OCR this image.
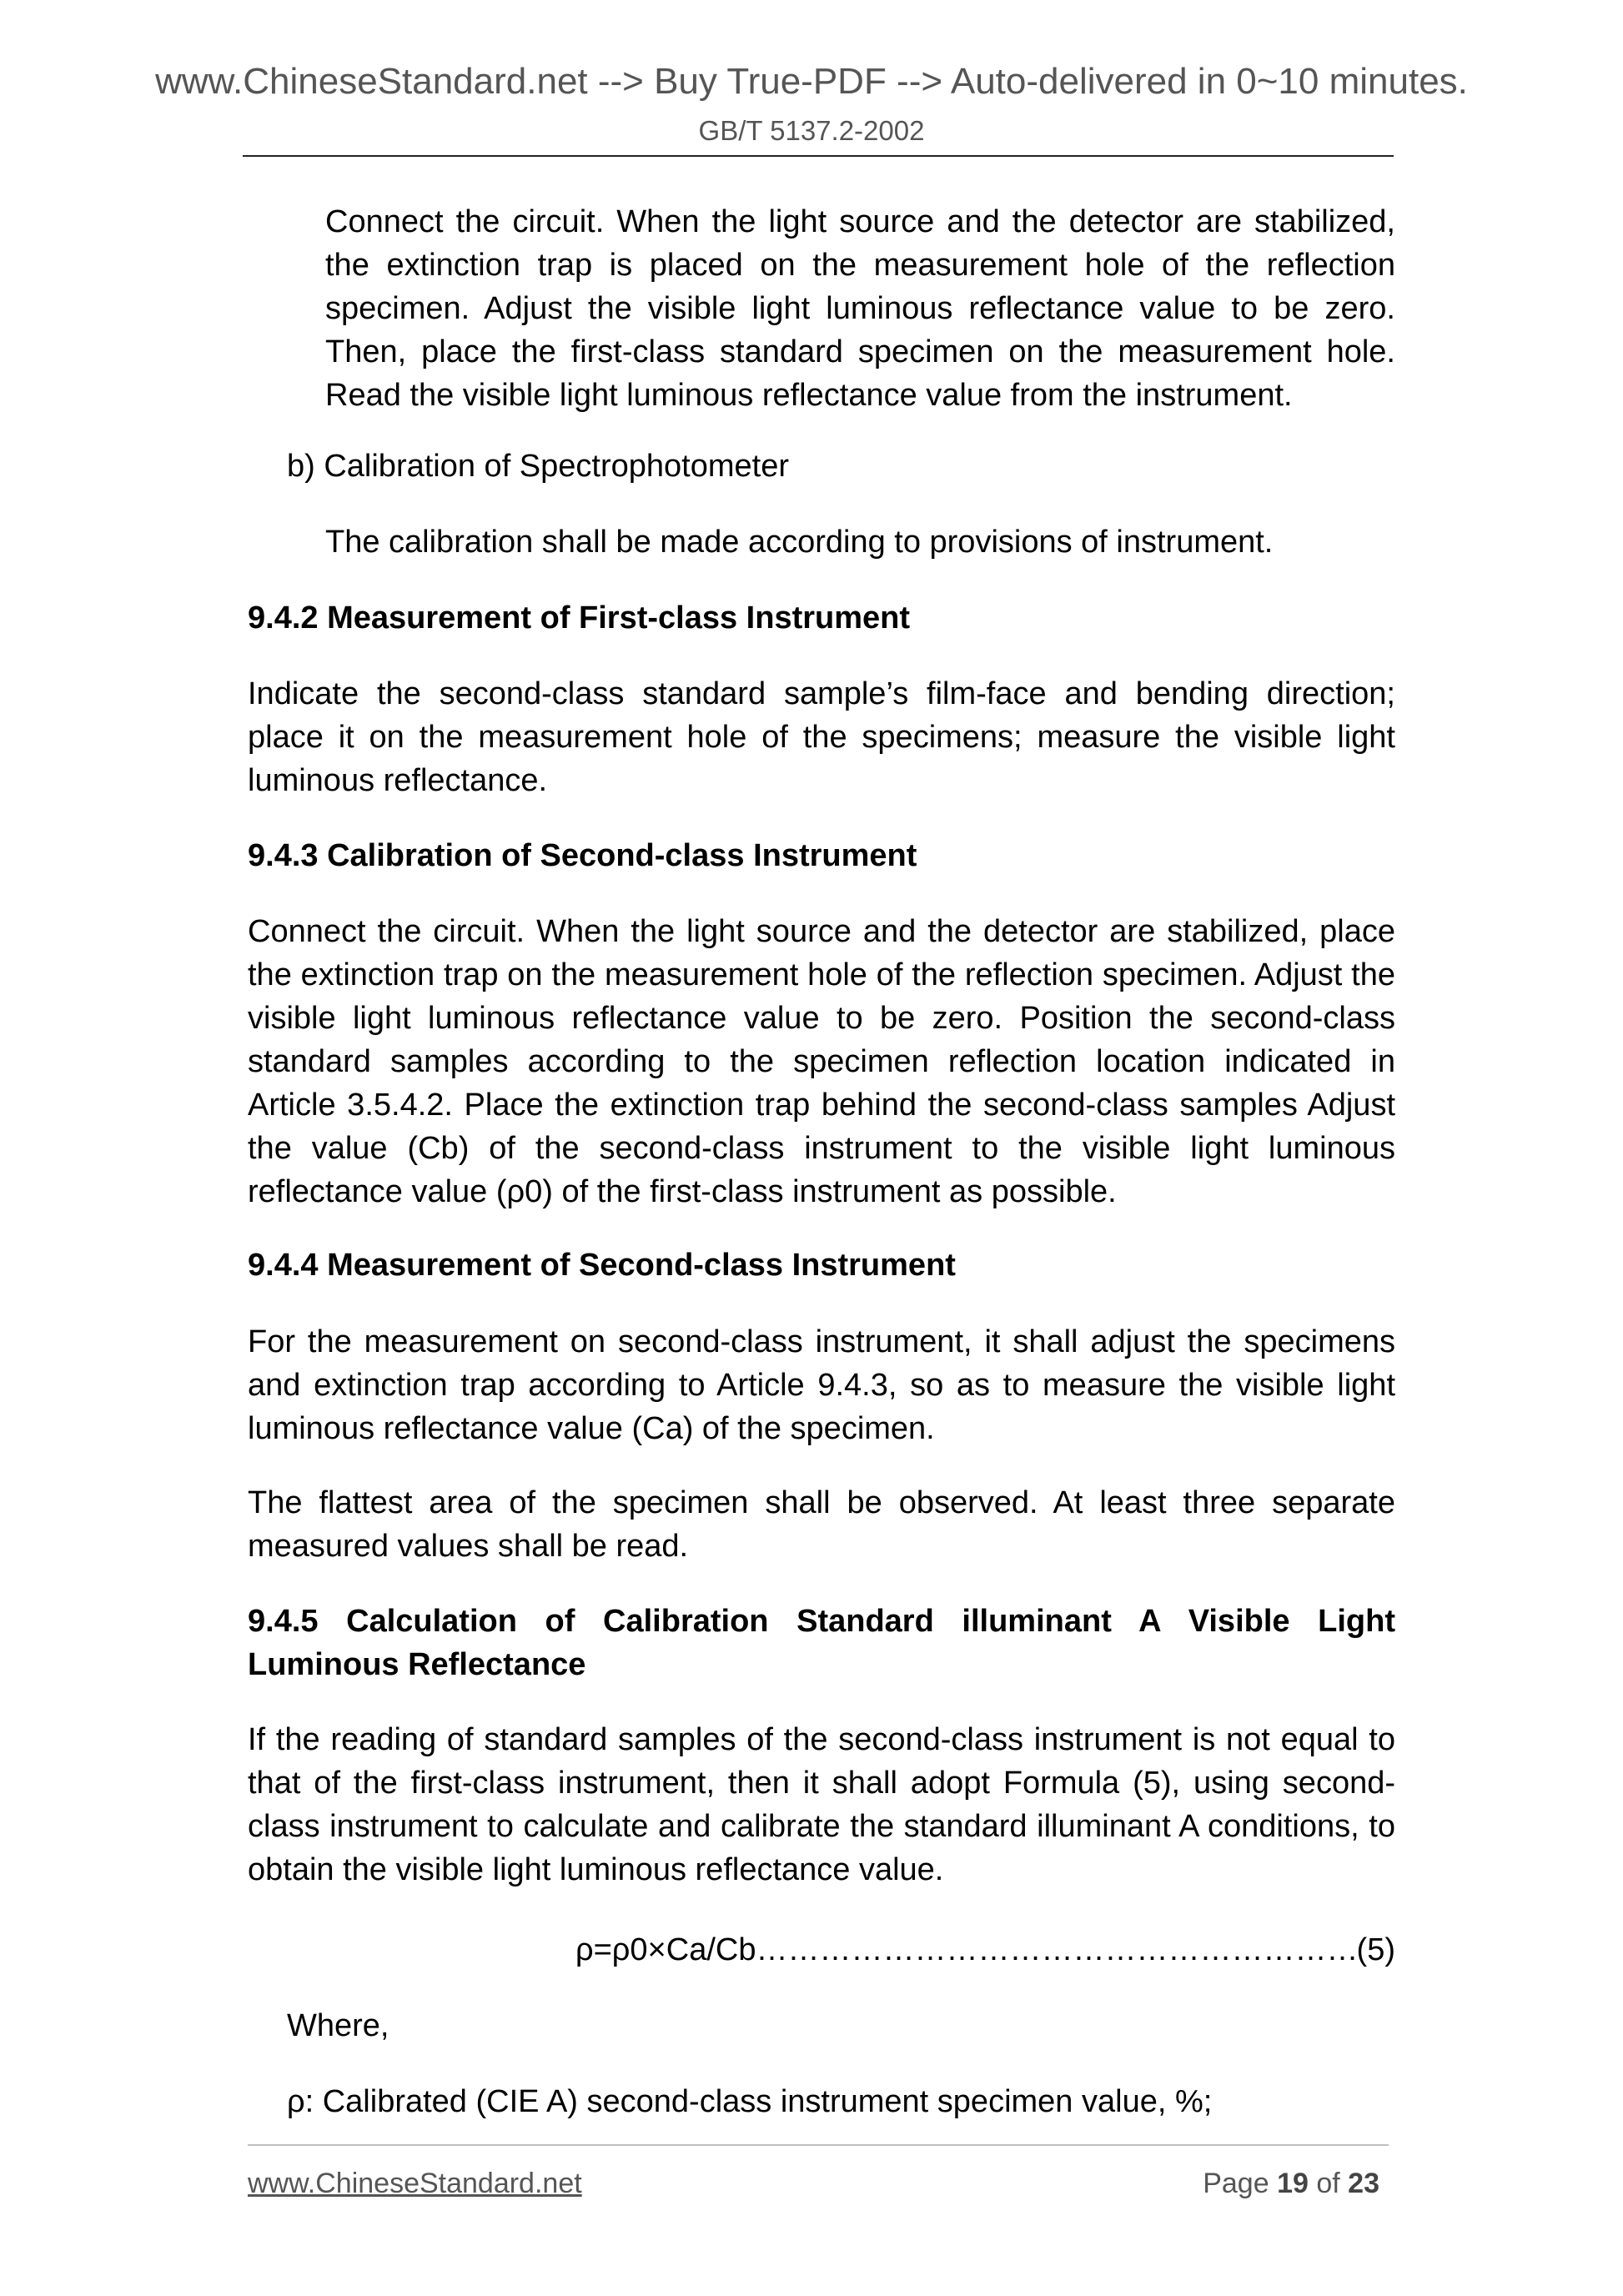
www.ChineseStandard.net --> Buy True-PDF --> Auto-delivered in 0~10 minutes.
GB/T 5137.2-2002
Connect the circuit. When the light source and the detector are stabilized, the extinction trap is placed on the measurement hole of the reflection specimen. Adjust the visible light luminous reflectance value to be zero. Then, place the first-class standard specimen on the measurement hole. Read the visible light luminous reflectance value from the instrument.
b) Calibration of Spectrophotometer
The calibration shall be made according to provisions of instrument.
9.4.2 Measurement of First-class Instrument
Indicate the second-class standard sample’s film-face and bending direction; place it on the measurement hole of the specimens; measure the visible light luminous reflectance.
9.4.3 Calibration of Second-class Instrument
Connect the circuit. When the light source and the detector are stabilized, place the extinction trap on the measurement hole of the reflection specimen. Adjust the visible light luminous reflectance value to be zero. Position the second-class standard samples according to the specimen reflection location indicated in Article 3.5.4.2. Place the extinction trap behind the second-class samples Adjust the value (Cb) of the second-class instrument to the visible light luminous reflectance value (ρ0) of the first-class instrument as possible.
9.4.4 Measurement of Second-class Instrument
For the measurement on second-class instrument, it shall adjust the specimens and extinction trap according to Article 9.4.3, so as to measure the visible light luminous reflectance value (Ca) of the specimen.
The flattest area of the specimen shall be observed. At least three separate measured values shall be read.
9.4.5 Calculation of Calibration Standard illuminant A Visible Light Luminous Reflectance
If the reading of standard samples of the second-class instrument is not equal to that of the first-class instrument, then it shall adopt Formula (5), using second-class instrument to calculate and calibrate the standard illuminant A conditions, to obtain the visible light luminous reflectance value.
ρ=ρ0×Ca/Cb
………………………………………………………………………………………………………………	(5)
Where,
ρ: Calibrated (CIE A) second-class instrument specimen value, %;
www.ChineseStandard.net	Page 19 of 23
